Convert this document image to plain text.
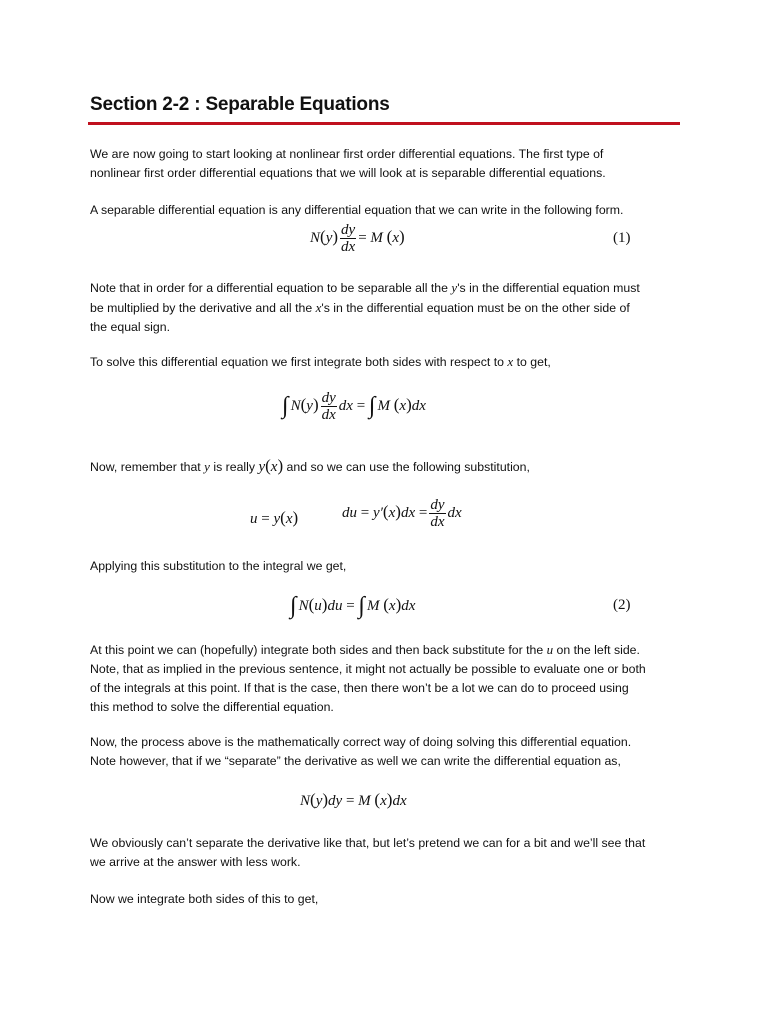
Section 2-2 : Separable Equations
We are now going to start looking at nonlinear first order differential equations. The first type of
nonlinear first order differential equations that we will look at is separable differential equations.
A separable differential equation is any differential equation that we can write in the following form.
$N(y) \frac{dy}{dx} = M$ (x)	(1)
Note that in order for a differential equation to be separable all the y's in the differential equation must
be multiplied by the derivative and all the x's in the differential equation must be on the other side of
the equal sign.
To solve this differential equation we first integrate both sides with respect to x to get,
∫ $N(y) \frac{dy}{dx}$ dx = ∫ M (x)dx
Now, remember that y is really y(x) and so we can use the following substitution,
u = y(x)	du = $y'(x)dx = \frac{dy}{dx}$ dx
Applying this substitution to the integral we get,
∫ N(u)du = ∫ M (x)dx	(2)
At this point we can (hopefully) integrate both sides and then back substitute for the u on the left side.
Note, that as implied in the previous sentence, it might not actually be possible to evaluate one or both
of the integrals at this point. If that is the case, then there won’t be a lot we can do to proceed using
this method to solve the differential equation.
Now, the process above is the mathematically correct way of doing solving this differential equation.
Note however, that if we “separate” the derivative as well we can write the differential equation as,
N(y)dy = M (x)dx
We obviously can’t separate the derivative like that, but let’s pretend we can for a bit and we’ll see that
we arrive at the answer with less work.
Now we integrate both sides of this to get,
